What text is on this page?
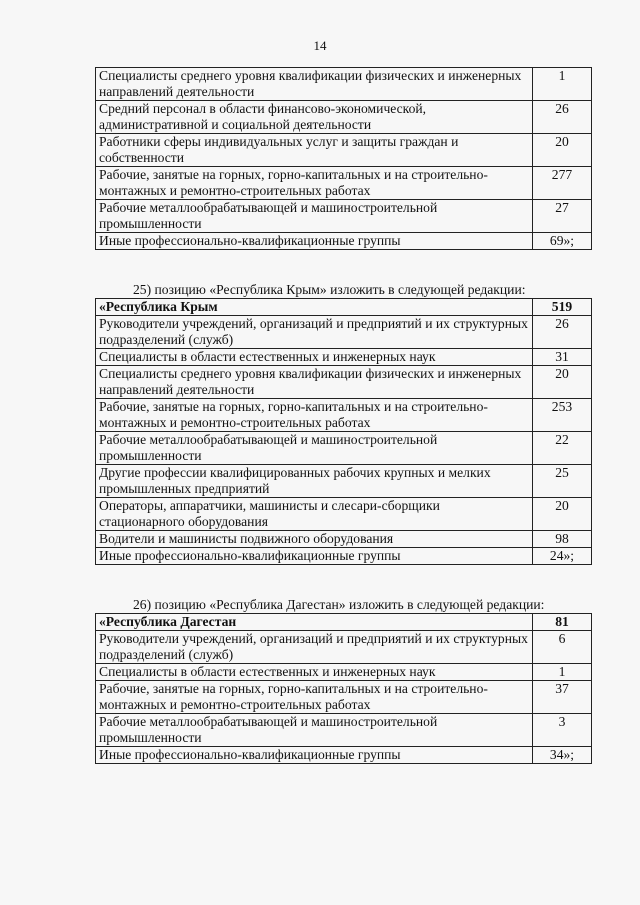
14
Специалисты среднего уровня квалификации физических и инженерных направлений деятельности	1
Средний персонал в области финансово-экономической, административной и социальной деятельности	26
Работники сферы индивидуальных услуг и защиты граждан и собственности	20
Рабочие, занятые на горных, горно-капитальных и на строительно-монтажных и ремонтно-строительных работах	277
Рабочие металлообрабатывающей и машиностроительной промышленности	27
Иные профессионально-квалификационные группы	69»;
25) позицию «Республика Крым» изложить в следующей редакции:
«Республика Крым	519
Руководители учреждений, организаций и предприятий и их структурных подразделений (служб)	26
Специалисты в области естественных и инженерных наук	31
Специалисты среднего уровня квалификации физических и инженерных направлений деятельности	20
Рабочие, занятые на горных, горно-капитальных и на строительно-монтажных и ремонтно-строительных работах	253
Рабочие металлообрабатывающей и машиностроительной промышленности	22
Другие профессии квалифицированных рабочих крупных и мелких промышленных предприятий	25
Операторы, аппаратчики, машинисты и слесари-сборщики стационарного оборудования	20
Водители и машинисты подвижного оборудования	98
Иные профессионально-квалификационные группы	24»;
26) позицию «Республика Дагестан» изложить в следующей редакции:
«Республика Дагестан	81
Руководители учреждений, организаций и предприятий и их структурных подразделений (служб)	6
Специалисты в области естественных и инженерных наук	1
Рабочие, занятые на горных, горно-капитальных и на строительно-монтажных и ремонтно-строительных работах	37
Рабочие металлообрабатывающей и машиностроительной промышленности	3
Иные профессионально-квалификационные группы	34»;
